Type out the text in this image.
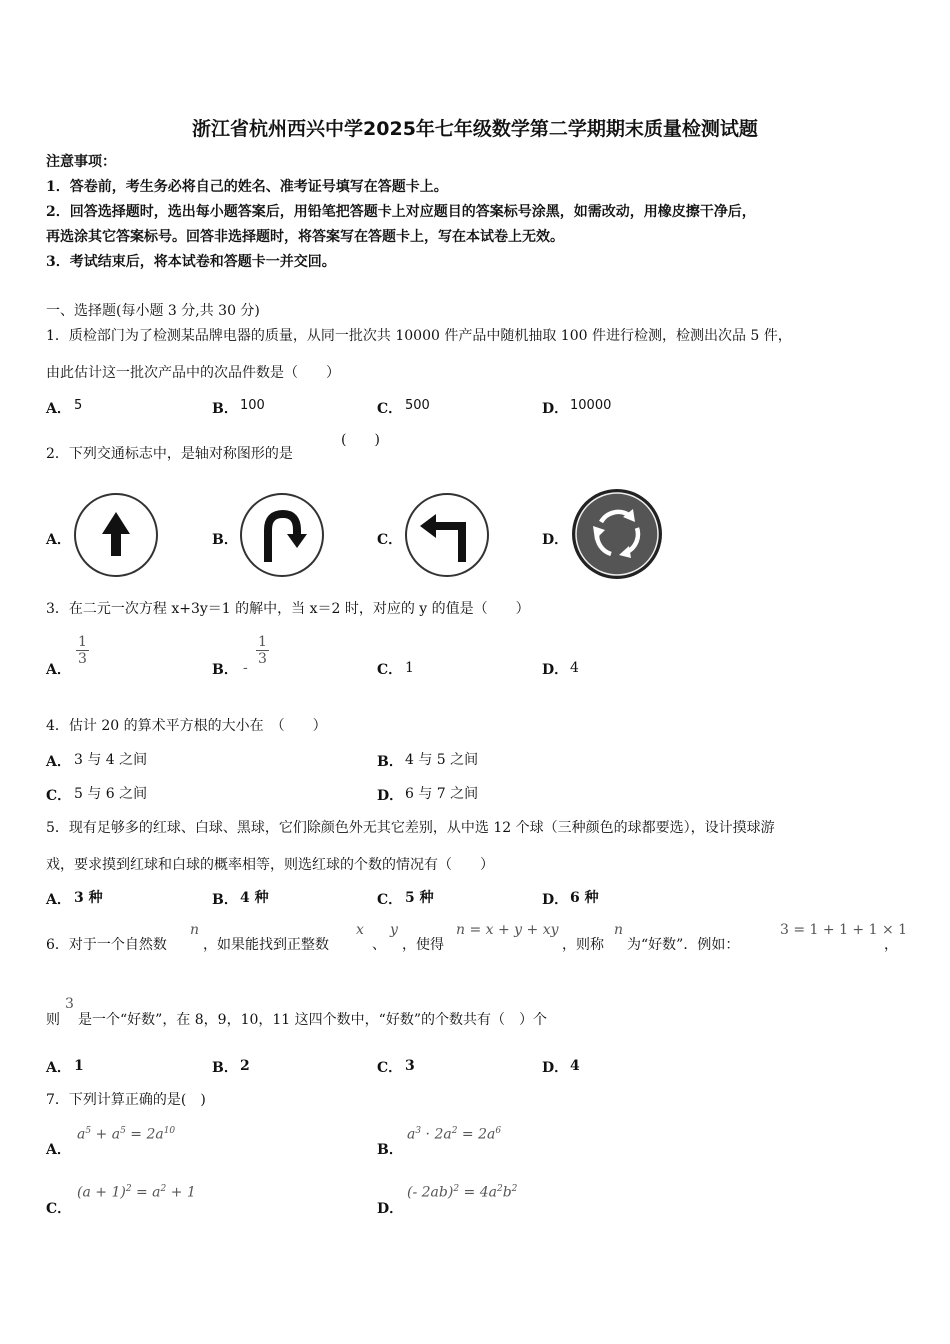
浙江省杭州西兴中学2025年七年级数学第二学期期末质量检测试题
注意事项：
1．答卷前，考生务必将自己的姓名、准考证号填写在答题卡上。
2．回答选择题时，选出每小题答案后，用铅笔把答题卡上对应题目的答案标号涂黑，如需改动，用橡皮擦干净后，
再选涂其它答案标号。回答非选择题时，将答案写在答题卡上，写在本试卷上无效。
3．考试结束后，将本试卷和答题卡一并交回。
一、选择题(每小题 3 分,共 30 分)
1．质检部门为了检测某品牌电器的质量，从同一批次共 10000 件产品中随机抽取 100 件进行检测，检测出次品 5 件，
由此估计这一批次产品中的次品件数是（　　）
A． 5	B． 100	C． 500	D． 10000
2．下列交通标志中，是轴对称图形的是
(　　)
A．	B．	C．	D．
3．在二元一次方程 x+3y＝1 的解中，当 x＝2 时，对应的 y 的值是（　　）
A．
$\frac{1}{3}$
B． -
$\frac{1}{3}$
C． 1	D． 4
4．估计 20 的算术平方根的大小在　（　　）
A． 3 与 4 之间	B． 4 与 5 之间
C． 5 与 6 之间	D． 6 与 7 之间
5．现有足够多的红球、白球、黑球，它们除颜色外无其它差别，从中选 12 个球（三种颜色的球都要选），设计摸球游
戏，要求摸到红球和白球的概率相等，则选红球的个数的情况有（　　）
A． 3 种	B． 4 种	C． 5 种	D． 6 种
6．对于一个自然数
n
，如果能找到正整数
x
、
y
，使得
n = x + y + xy
，则称
n
为“好数”．例如：
3 = 1 + 1 + 1 × 1
，
则
3
是一个“好数”，在 8，9，10，11 这四个数中，“好数”的个数共有（　）个
A． 1	B． 2	C． 3	D． 4
7．下列计算正确的是(　)
A．
$a^5 + a^5 = 2a^{10}$
B．
$a^3 \cdot 2a^2 = 2a^6$
C．
$(a + 1)^2 = a^2 + 1$
D．
(- $2ab)^2 = 4a^2b^2$
